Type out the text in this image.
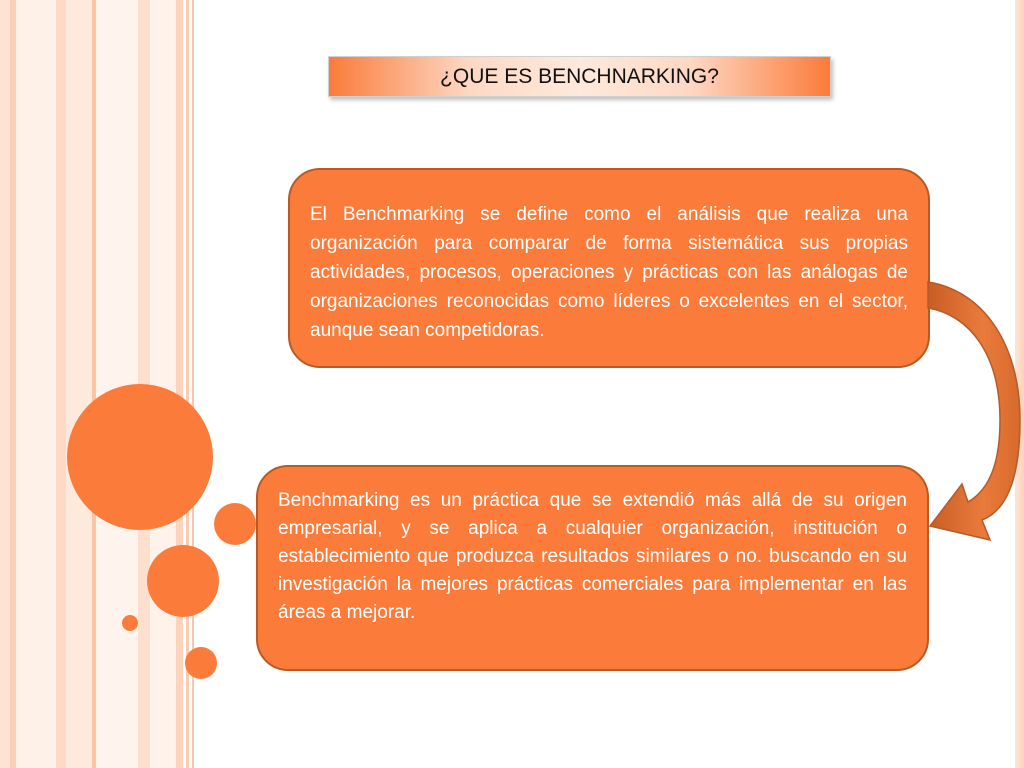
¿QUE ES BENCHNARKING?
El Benchmarking se define como el análisis que realiza una organización para comparar de forma sistemática sus propias actividades, procesos, operaciones y prácticas con las análogas de organizaciones reconocidas como líderes o excelentes en el sector, aunque sean competidoras.
Benchmarking es un práctica que se extendió más allá de su origen empresarial, y se aplica a cualquier organización, institución o establecimiento que produzca resultados similares o no. buscando en su investigación la mejores prácticas comerciales para implementar en las áreas a mejorar.
